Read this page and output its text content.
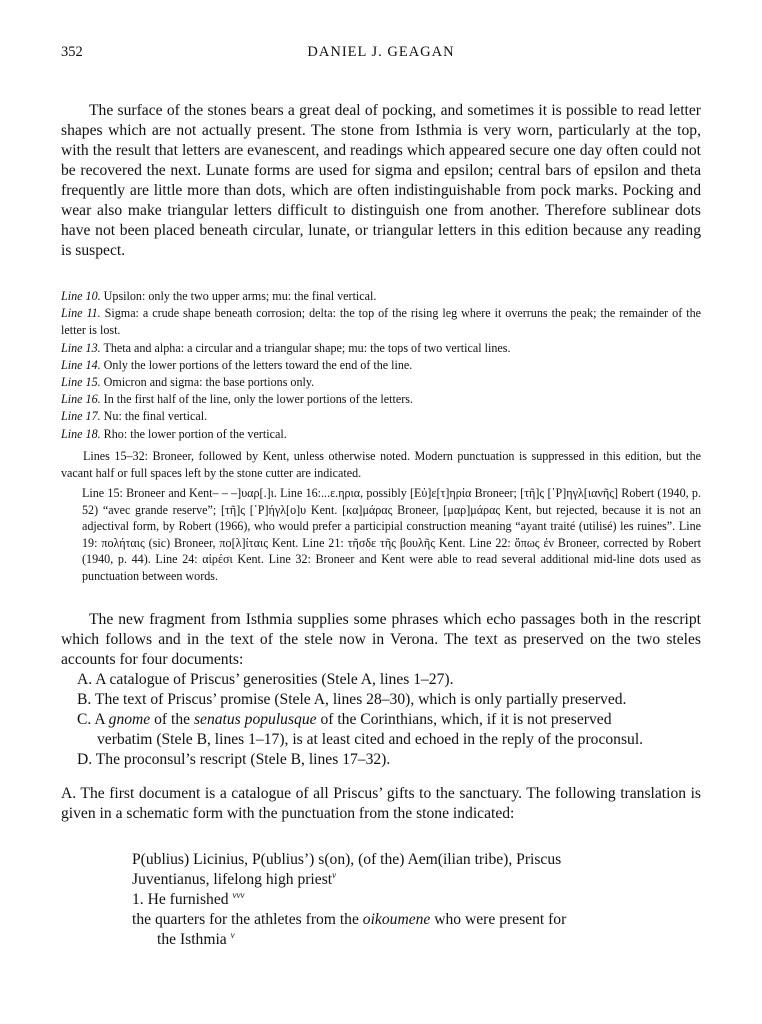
352	DANIEL J. GEAGAN

The surface of the stones bears a great deal of pocking, and sometimes it is possible to read letter shapes which are not actually present. The stone from Isthmia is very worn, particularly at the top, with the result that letters are evanescent, and readings which appeared secure one day often could not be recovered the next. Lunate forms are used for sigma and epsilon; central bars of epsilon and theta frequently are little more than dots, which are often indistinguishable from pock marks. Pocking and wear also make triangular letters difficult to distinguish one from another. Therefore sublinear dots have not been placed beneath circular, lunate, or triangular letters in this edition because any reading is suspect.

Line 10. Upsilon: only the two upper arms; mu: the final vertical.
Line 11. Sigma: a crude shape beneath corrosion; delta: the top of the rising leg where it overruns the peak; the remainder of the letter is lost.
Line 13. Theta and alpha: a circular and a triangular shape; mu: the tops of two vertical lines.
Line 14. Only the lower portions of the letters toward the end of the line.
Line 15. Omicron and sigma: the base portions only.
Line 16. In the first half of the line, only the lower portions of the letters.
Line 17. Nu: the final vertical.
Line 18. Rho: the lower portion of the vertical.

Lines 15–32: Broneer, followed by Kent, unless otherwise noted. Modern punctuation is suppressed in this edition, but the vacant half or full spaces left by the stone cutter are indicated.

Line 15: Broneer and Kent– – –]υαρ[.]ι. Line 16:...ε.ηρια, possibly [Εὐ]ε[τ]ηρία Broneer; [τῆ]ς [῾Ρ]ηγλ[ιανῆς] Robert (1940, p. 52) “avec grande reserve”; [τῆ]ς [῾Ρ]ήγλ[ο]υ Kent. [κα]μάρας Broneer, [μαρ]μάρας Kent, but rejected, because it is not an adjectival form, by Robert (1966), who would prefer a participial construction meaning “ayant traité (utilisé) les ruines”. Line 19: πολήταις (sic) Broneer, πο[λ]ίταις Kent. Line 21: τῆσδε τῆς βουλῆς Kent. Line 22: ὅπως ἐν Broneer, corrected by Robert (1940, p. 44). Line 24: αἱρέσι Kent. Line 32: Broneer and Kent were able to read several additional mid-line dots used as punctuation between words.

The new fragment from Isthmia supplies some phrases which echo passages both in the rescript which follows and in the text of the stele now in Verona. The text as preserved on the two steles accounts for four documents:

A. A catalogue of Priscus’ generosities (Stele A, lines 1–27).
B. The text of Priscus’ promise (Stele A, lines 28–30), which is only partially preserved.
C. A gnome of the senatus populusque of the Corinthians, which, if it is not preserved
verbatim (Stele B, lines 1–17), is at least cited and echoed in the reply of the proconsul.
D. The proconsul’s rescript (Stele B, lines 17–32).

A. The first document is a catalogue of all Priscus’ gifts to the sanctuary. The following translation is given in a schematic form with the punctuation from the stone indicated:

P(ublius) Licinius, P(ublius’) s(on), (of the) Aem(ilian tribe), Priscus
Juventianus, lifelong high priest$^v$
1. He furnished $^{vvv}$
the quarters for the athletes from the oikoumene who were present for
the Isthmia $^v$
